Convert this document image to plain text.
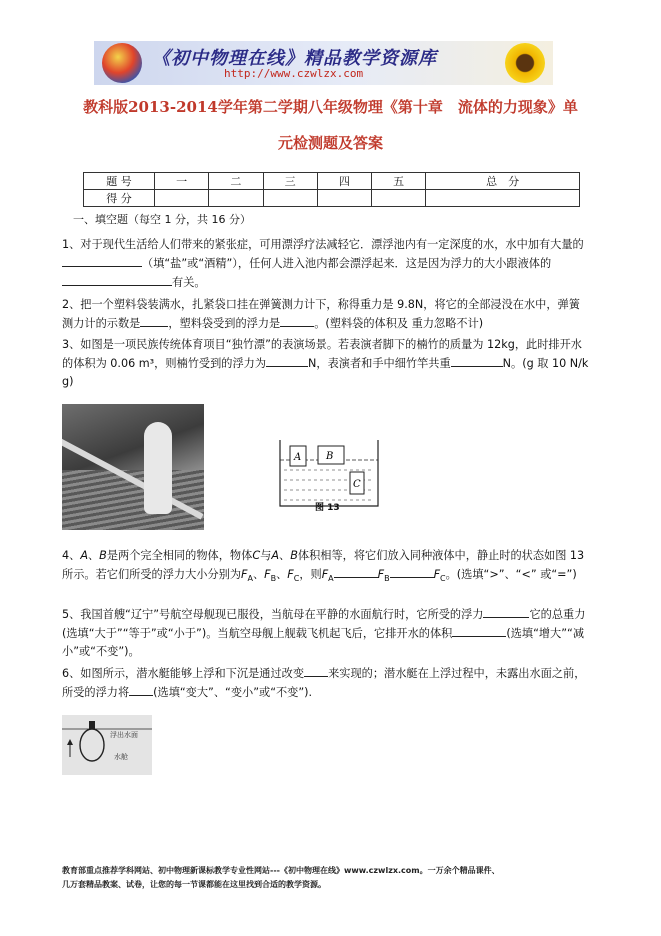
《初中物理在线》精品教学资源库
http://www.czwlzx.com
教科版2013-2014学年第二学期八年级物理《第十章　流体的力现象》单
元检测题及答案
题 号	一	二	三	四	五	总　分
得 分						
一、填空题（每空 1 分，共 16 分）

1、对于现代生活给人们带来的紧张症，可用漂浮疗法减轻它．漂浮池内有一定深度的水，水中加有大量的（填“盐”或“酒精”），任何人进入池内都会漂浮起来．这是因为浮力的大小跟液体的有关。

2、把一个塑料袋装满水，扎紧袋口挂在弹簧测力计下，称得重力是 9.8N，将它的全部浸没在水中，弹簧测力计的示数是	，塑料袋受到的浮力是	。(塑料袋的体积及 重力忽略不计)

3、如图是一项民族传统体育项目“独竹漂”的表演场景。若表演者脚下的楠竹的质量为 12kg，此时排开水的体积为 0.06 m³，则楠竹受到的浮力为	N，表演者和手中细竹竿共重	N。(g 取 10 N/kg)

A B
C
图 13

4、A、B是两个完全相同的物体，物体C与A、B体积相等，将它们放入同种液体中，静止时的状态如图 13 所示。若它们所受的浮力大小分别为$F_A$、$F_B$、$F_C$，则$F_A$	$F_B$	$F_C$。(选填“>”、“<” 或“=”)

5、我国首艘“辽宁”号航空母舰现已服役，当航母在平静的水面航行时，它所受的浮力	它的总重力(选填“大于”“等于”或“小于”)。当航空母舰上舰载飞机起飞后，它排开水的体积	(选填“增大”“减小”或“不变”)。

6、如图所示，潜水艇能够上浮和下沉是通过改变 来实现的；潜水艇在上浮过程中，未露出水面之前，所受的浮力将 (选填“变大”、“变小”或“不变”).

浮出水面
水舱

教育部重点推荐学科网站、初中物理新课标教学专业性网站---《初中物理在线》www.czwlzx.com。一万余个精品课件、
几万套精品教案、试卷，让您的每一节课都能在这里找到合适的教学资源。
